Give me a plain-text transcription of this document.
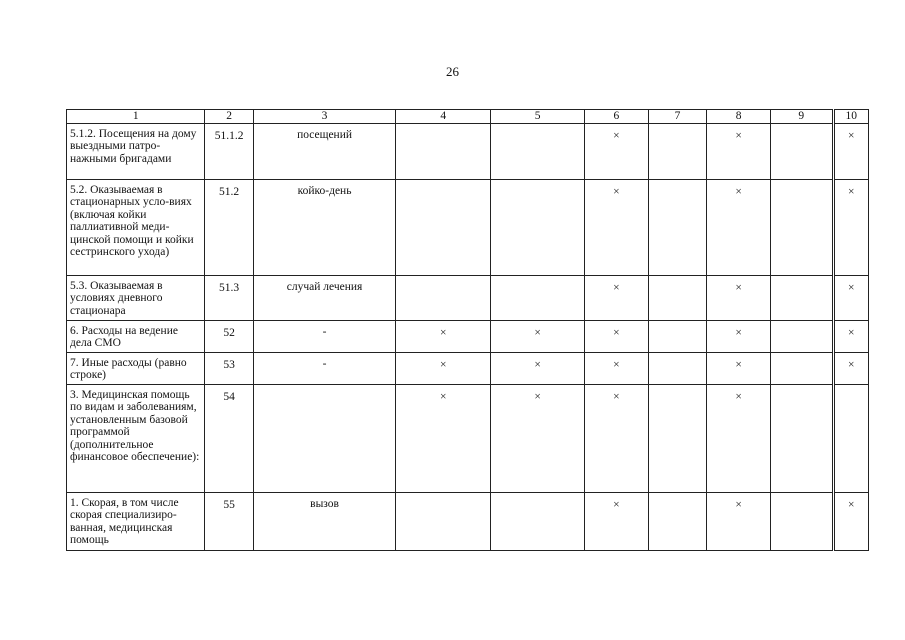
26
1	2	3	4	5	6	7	8	9	10
5.1.2. Посещения на дому выездными патро-нажными бригадами	51.1.2	посещений			×		×		×
5.2. Оказываемая в стационарных усло-виях (включая койки паллиативной меди-цинской помощи и койки сестринского ухода)	51.2	койко-день			×		×		×
5.3. Оказываемая в условиях дневного стационара	51.3	случай лечения			×		×		×
6. Расходы на ведение дела СМО	52	-	×	×	×		×		×
7. Иные расходы (равно строке)	53	-	×	×	×		×		×
3. Медицинская помощь по видам и заболеваниям, установленным базовой программой (дополнительное финансовое обеспечение):	54		×	×	×		×		
1. Скорая, в том числе скорая специализиро-ванная, медицинская помощь	55	вызов			×		×		×
